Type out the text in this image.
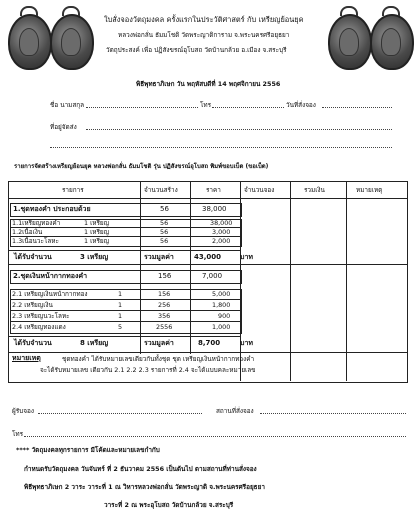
ใบสั่งจองวัตถุมงคล ครั้งแรกในประวัติศาสตร์ กับ เหรียญย้อนยุค
หลวงพ่อกลั่น ธัมมโชติ วัดพระญาติการาม จ.พระนครศรีอยุธยา
วัตถุประสงค์ เพื่อ ปฏิสังขรณ์อุโบสถ วัดบ้านกล้วย อ.เมือง จ.สระบุรี
พิธีพุทธาภิเษก วัน พฤหัสบดีที่ 14 พฤศจิกายน 2556
ชื่อ นามสกุล	โทร	วันที่สั่งจอง
ที่อยู่จัดส่ง
รายการจัดสร้างเหรียญย้อนยุค หลวงพ่อกลั่น ธัมมโชติ รุ่น ปฏิสังขรณ์อุโบสถ พิมพ์ขอบเบ็ด (ขอเบ็ด)
รายการ	จำนวนสร้าง	ราคา	จำนวนจอง	รวมเงิน	หมายเหตุ
1.ชุดทองคำ ประกอบด้วย	56	38,000
1.1เหรียญทองคำ	1 เหรียญ	56	38,000
1.2เนื้อเงิน	1 เหรียญ	56	3,000
1.3เนื้อนวะโลหะ	1 เหรียญ	56	2,000
ได้รับจำนวน	3 เหรียญ	รวมมูลค่า	43,000	บาท
2.ชุดเงินหน้ากากทองคำ	156	7,000
2.1 เหรียญเงินหน้ากากทอง	1	156	5,000
2.2 เหรียญเงิน	1	256	1,800
2.3 เหรียญนวะโลหะ	1	356	900
2.4 เหรียญทองแดง	5	2556	1,000
ได้รับจำนวน	8 เหรียญ	รวมมูลค่า	8,700	บาท
หมายเหตุ	ชุดทองคำ ได้รับหมายเลขเดียวกันทั้งชุด ชุด เหรียญเงินหน้ากากทองคำ
จะได้รับหมายเลข เดียวกัน 2.1 2.2 2.3 รายการที่ 2.4 จะได้แบบคละหมายเลข
ผู้รับจอง	สถานที่สั่งจอง
โทร
**** วัตถุมงคลทุกรายการ มีโค้ดและหมายเลขกำกับ
กำหนดรับวัตถุมงคล วันจันทร์ ที่ 2 ธันวาคม 2556 เป็นต้นไป ตามสถานที่ท่านสั่งจอง
พิธีพุทธาภิเษก 2 วาระ วาระที่ 1 ณ วิหารหลวงพ่อกลั่น วัดพระญาติ จ.พระนครศรีอยุธยา
วาระที่ 2 ณ พระอุโบสถ วัดบ้านกล้วย จ.สระบุรี
